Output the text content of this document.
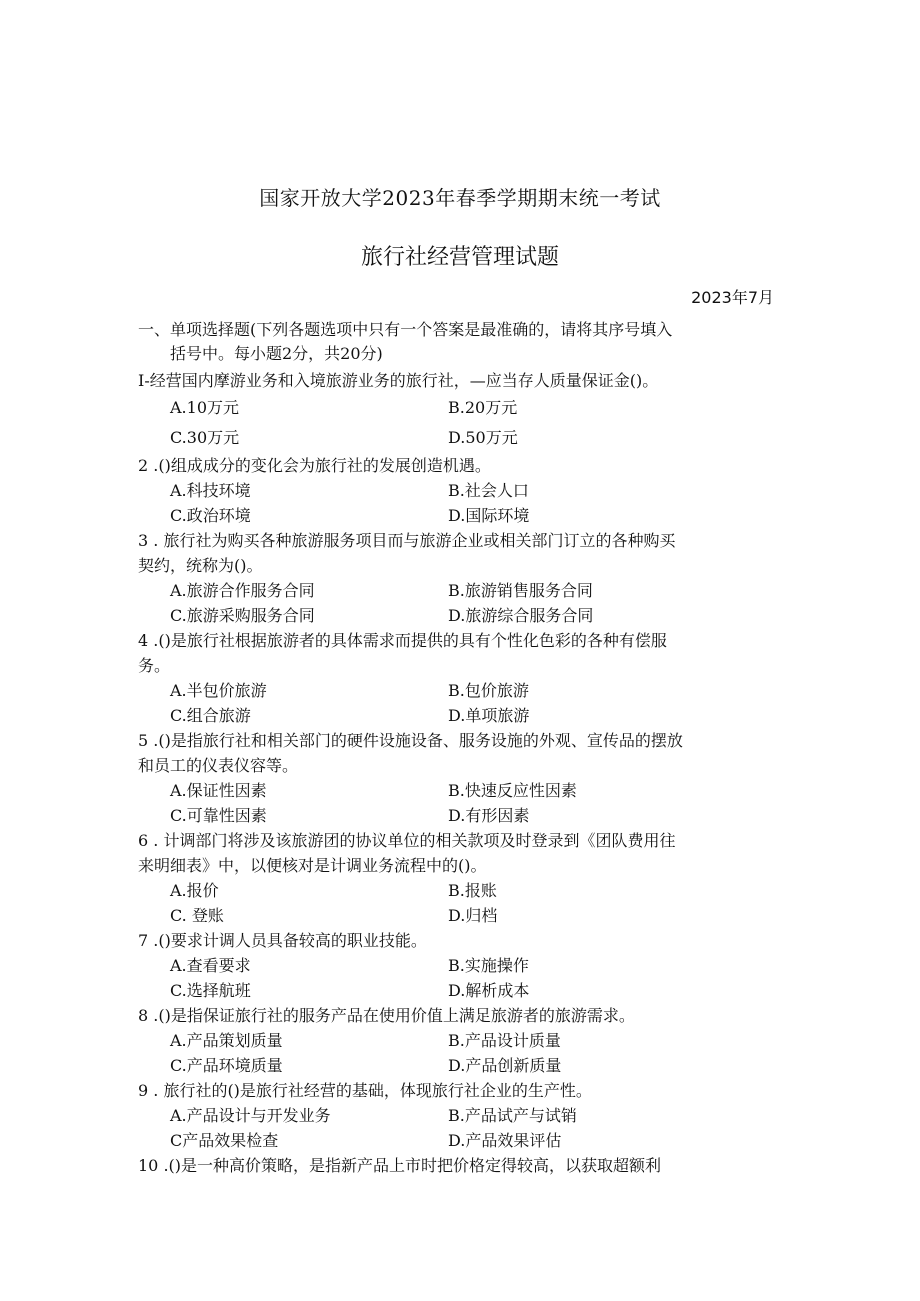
国家开放大学2023年春季学期期末统一考试
旅行社经营管理试题
2023年7月
一、单项选择题(下列各题选项中只有一个答案是最准确的，请将其序号填入
括号中。每小题2分，共20分)
I-经营国内摩游业务和入境旅游业务的旅行社，—应当存人质量保证金()。
A.10万元	B.20万元
C.30万元	D.50万元
2 .()组成成分的变化会为旅行社的发展创造机遇。
A.科技环境	B.社会人口
C.政治环境	D.国际环境
3 . 旅行社为购买各种旅游服务项目而与旅游企业或相关部门订立的各种购买
契约，统称为()。
A.旅游合作服务合同	B.旅游销售服务合同
C.旅游采购服务合同	D.旅游综合服务合同
4 .()是旅行社根据旅游者的具体需求而提供的具有个性化色彩的各种有偿服
务。
A.半包价旅游	B.包价旅游
C.组合旅游	D.单项旅游
5 .()是指旅行社和相关部门的硬件设施设备、服务设施的外观、宣传品的摆放
和员工的仪表仪容等。
A.保证性因素	B.快速反应性因素
C.可靠性因素	D.有形因素
6 . 计调部门将涉及该旅游团的协议单位的相关款项及时登录到《团队费用往
来明细表》中，以便核对是计调业务流程中的()。
A.报价	B.报账
C. 登账	D.归档
7 .()要求计调人员具备较高的职业技能。
A.查看要求	B.实施操作
C.选择航班	D.解析成本
8 .()是指保证旅行社的服务产品在使用价值上满足旅游者的旅游需求。
A.产品策划质量	B.产品设计质量
C.产品环境质量	D.产品创新质量
9 . 旅行社的()是旅行社经营的基础，体现旅行社企业的生产性。
A.产品设计与开发业务	B.产品试产与试销
C产品效果检查	D.产品效果评估
10 .()是一种高价策略，是指新产品上市时把价格定得较高，以获取超额利
